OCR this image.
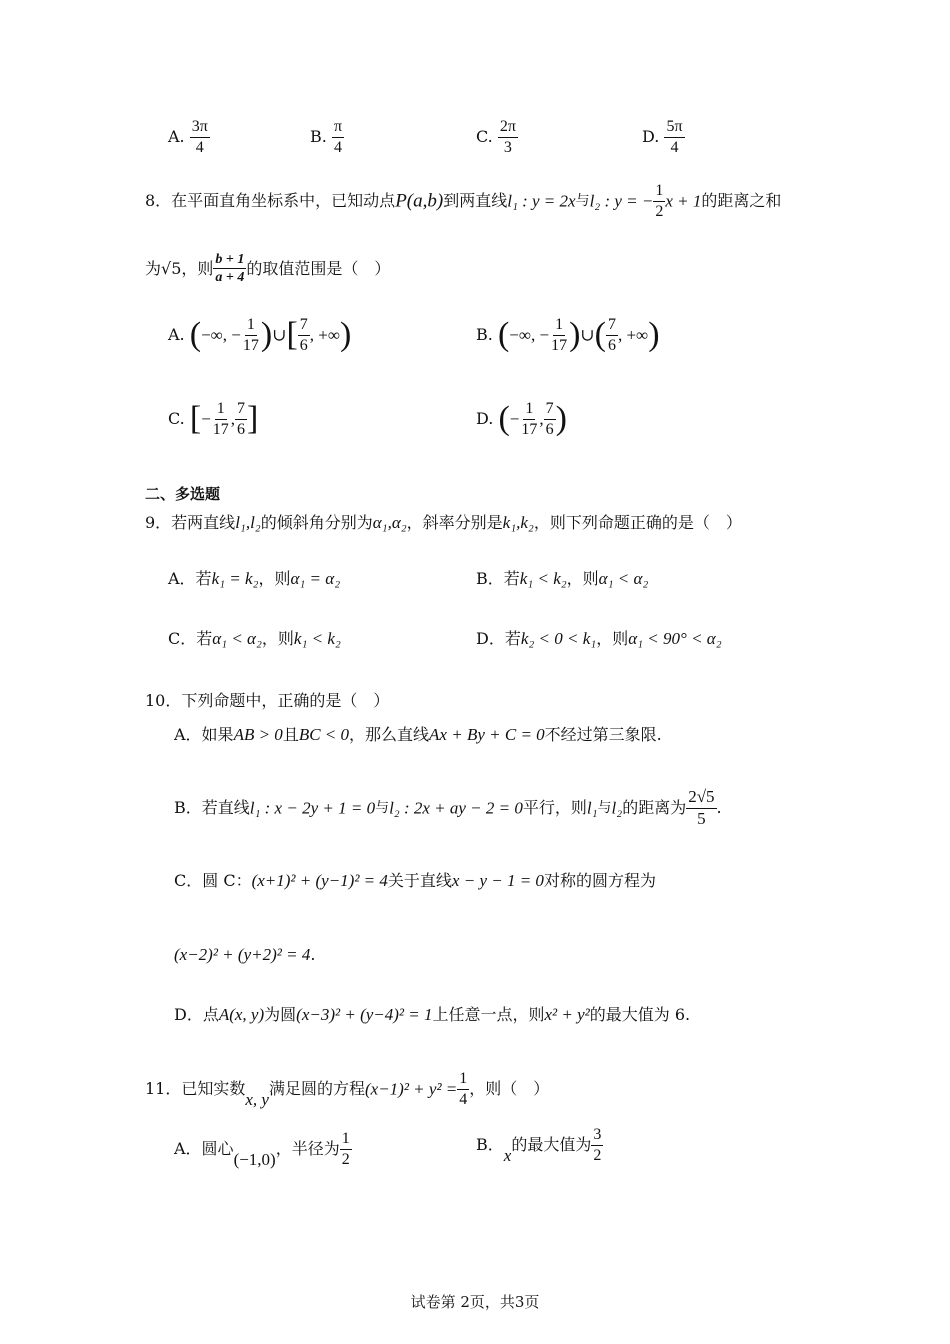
A. $\frac{3\pi}{4}$	B. $\frac{\pi}{4}$	C. $\frac{2\pi}{3}$	D. $\frac{5\pi}{4}$
8．在平面直角坐标系中，已知动点P(a,b)到两直线l₁ : y = 2x与l₂ : y = − $\frac{1}{2}$ x + 1的距离之和
为√5，则 $\frac{b + 1}{a + 4}$ 的取值范围是（　）
A. (−∞, − $\frac{1}{17}$ )∪[ $\frac{7}{6}$ , +∞)	B. (−∞, − $\frac{1}{17}$ )∪( $\frac{7}{6}$ , +∞)
C. [− $\frac{1}{17}$ , $\frac{7}{6}$ ]	D. (− $\frac{1}{17}$ , $\frac{7}{6}$ )
二、多选题
9．若两直线l₁,l₂的倾斜角分别为α₁,α₂，斜率分别是k₁,k₂，则下列命题正确的是（　）
A．若k₁ = k₂，则α₁ = α₂	B．若k₁ < k₂，则α₁ < α₂
C．若α₁ < α₂，则k₁ < k₂	D．若k₂ < 0 < k₁，则α₁ < 90° < α₂
10．下列命题中，正确的是（　）
A．如果AB > 0且BC < 0，那么直线Ax + By + C = 0不经过第三象限.
B．若直线l₁ : x − 2y + 1 = 0与l₂ : 2x + ay − 2 = 0平行，则l₁与l₂的距离为 $\frac{2√5}{5}$ .
C．圆 C：(x+1)² + (y−1)² = 4关于直线x − y − 1 = 0对称的圆方程为
(x−2)² + (y+2)² = 4.
D．点A(x, y)为圆(x−3)² + (y−4)² = 1上任意一点，则x² + y²的最大值为 6.
11．已知实数x, y满足圆的方程$(x-1)^2 + y^2 = \frac{1}{4}$ ，则（　）
A．圆心(−1,0)，半径为 $\frac{1}{2}$	B．x的最大值为 $\frac{3}{2}$
试卷第 2页，共3页
